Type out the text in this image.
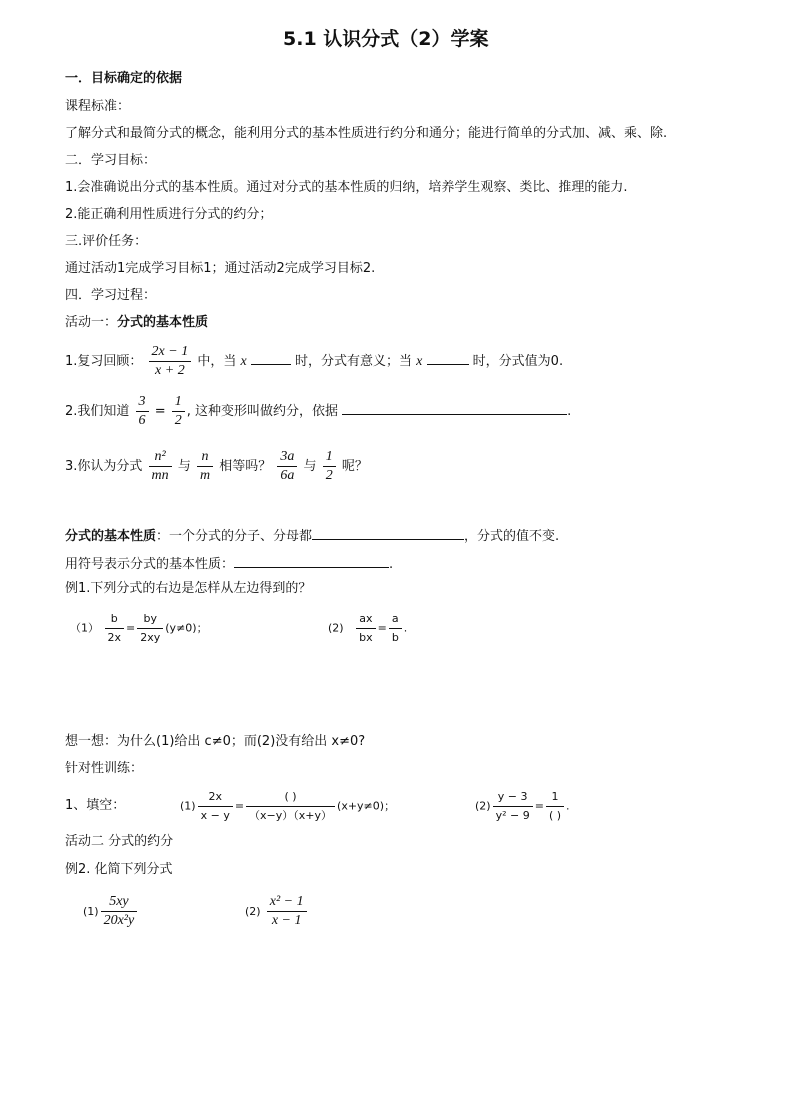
5.1 认识分式（2）学案
一．目标确定的依据
课程标准：
了解分式和最简分式的概念，能利用分式的基本性质进行约分和通分；能进行简单的分式加、减、乘、除.
二．学习目标：
1.会准确说出分式的基本性质。通过对分式的基本性质的归纳，培养学生观察、类比、推理的能力.
2.能正确利用性质进行分式的约分；
三.评价任务：
通过活动1完成学习目标1；通过活动2完成学习目标2.
四．学习过程：
活动一：分式的基本性质
1.复习回顾： $\frac{2x - 1}{x + 2}$ 中，当 x	时，分式有意义；当 x	时，分式值为0.
2.我们知道 $\frac{3}{6} = \frac{1}{2}$ , 这种变形叫做约分，依据	.
3.你认为分式 $\frac{\text{n²}}{mn}$ 与 $\frac{n}{m}$ 相等吗？ $\frac{3a}{6a}$ 与 $\frac{1}{2}$ 呢？
分式的基本性质：一个分式的分子、分母都	，分式的值不变.
用符号表示分式的基本性质：	.
例1.下列分式的右边是怎样从左边得到的？
$(1) \frac{b}{2x} = \frac{by}{2xy} (y\ne 0)$；	$(2) \frac{ax}{bx} = \frac{a}{b}$ .
想一想：为什么(1)给出 c≠0；而(2)没有给出 x≠0?
针对性训练：
1、填空：	$(1) \frac{2x}{x - y} = \frac{( )}{(x-y)(x+y)} (x+y\ne 0)$；	$(2) \frac{y - 3}{\text{y² − 9}} = \frac{1}{( )}$ .
活动二 分式的约分
例2. 化简下列分式
$(1) \frac{5xy}{\text{20x²y}}$	$(2) \frac{\text{x² − 1}}{x - 1}$
